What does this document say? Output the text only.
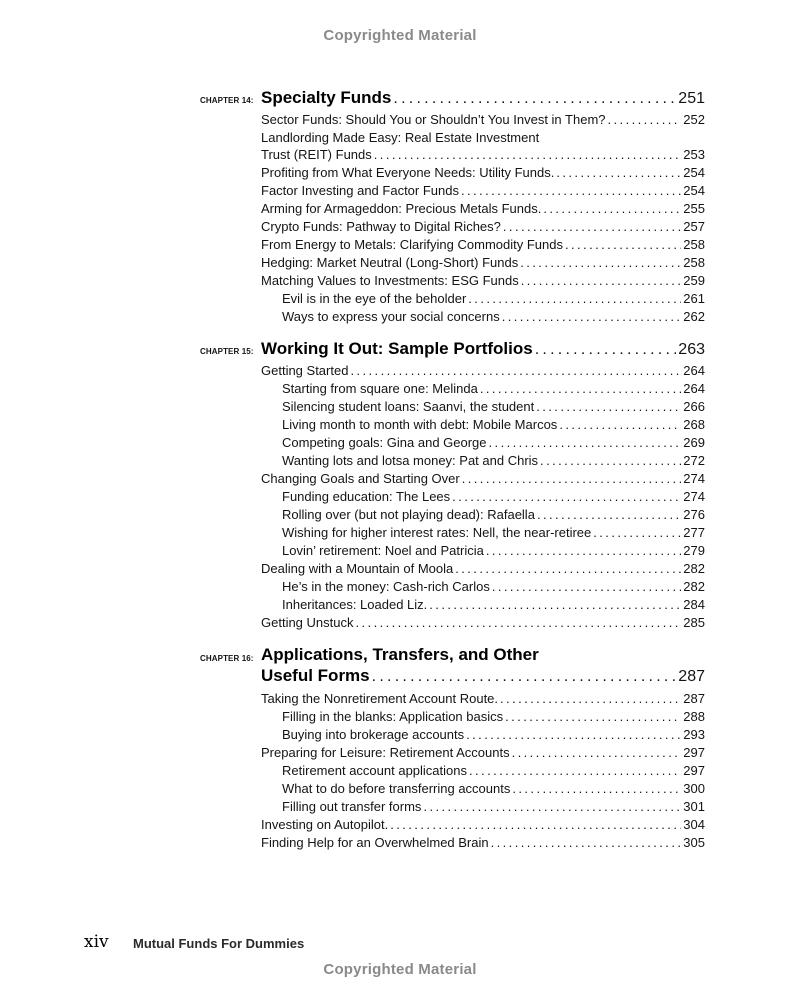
Copyrighted Material
CHAPTER 14: Specialty Funds . . .	251
Sector Funds: Should You or Shouldn’t You Invest in Them? . . .	252
Landlording Made Easy: Real Estate Investment
Trust (REIT) Funds . . .	253
Profiting from What Everyone Needs: Utility Funds. . . .	254
Factor Investing and Factor Funds . . .	254
Arming for Armageddon: Precious Metals Funds. . . .	255
Crypto Funds: Pathway to Digital Riches? . . .	257
From Energy to Metals: Clarifying Commodity Funds . . .	258
Hedging: Market Neutral (Long-Short) Funds . . .	258
Matching Values to Investments: ESG Funds . . .	259
Evil is in the eye of the beholder . . .	261
Ways to express your social concerns . . .	262
CHAPTER 15: Working It Out: Sample Portfolios . . .	263
Getting Started . . .	264
Starting from square one: Melinda . . .	264
Silencing student loans: Saanvi, the student . . .	266
Living month to month with debt: Mobile Marcos . . .	268
Competing goals: Gina and George . . .	269
Wanting lots and lotsa money: Pat and Chris . . .	272
Changing Goals and Starting Over . . .	274
Funding education: The Lees . . .	274
Rolling over (but not playing dead): Rafaella . . .	276
Wishing for higher interest rates: Nell, the near-retiree . . .	277
Lovin’ retirement: Noel and Patricia . . .	279
Dealing with a Mountain of Moola . . .	282
He’s in the money: Cash-rich Carlos . . .	282
Inheritances: Loaded Liz. . . .	284
Getting Unstuck . . .	285
CHAPTER 16: Applications, Transfers, and Other
Useful Forms . . .	287
Taking the Nonretirement Account Route. . . .	287
Filling in the blanks: Application basics . . .	288
Buying into brokerage accounts . . .	293
Preparing for Leisure: Retirement Accounts . . .	297
Retirement account applications . . .	297
What to do before transferring accounts . . .	300
Filling out transfer forms . . .	301
Investing on Autopilot. . . .	304
Finding Help for an Overwhelmed Brain . . .	305
xiv Mutual Funds For Dummies
Copyrighted Material
